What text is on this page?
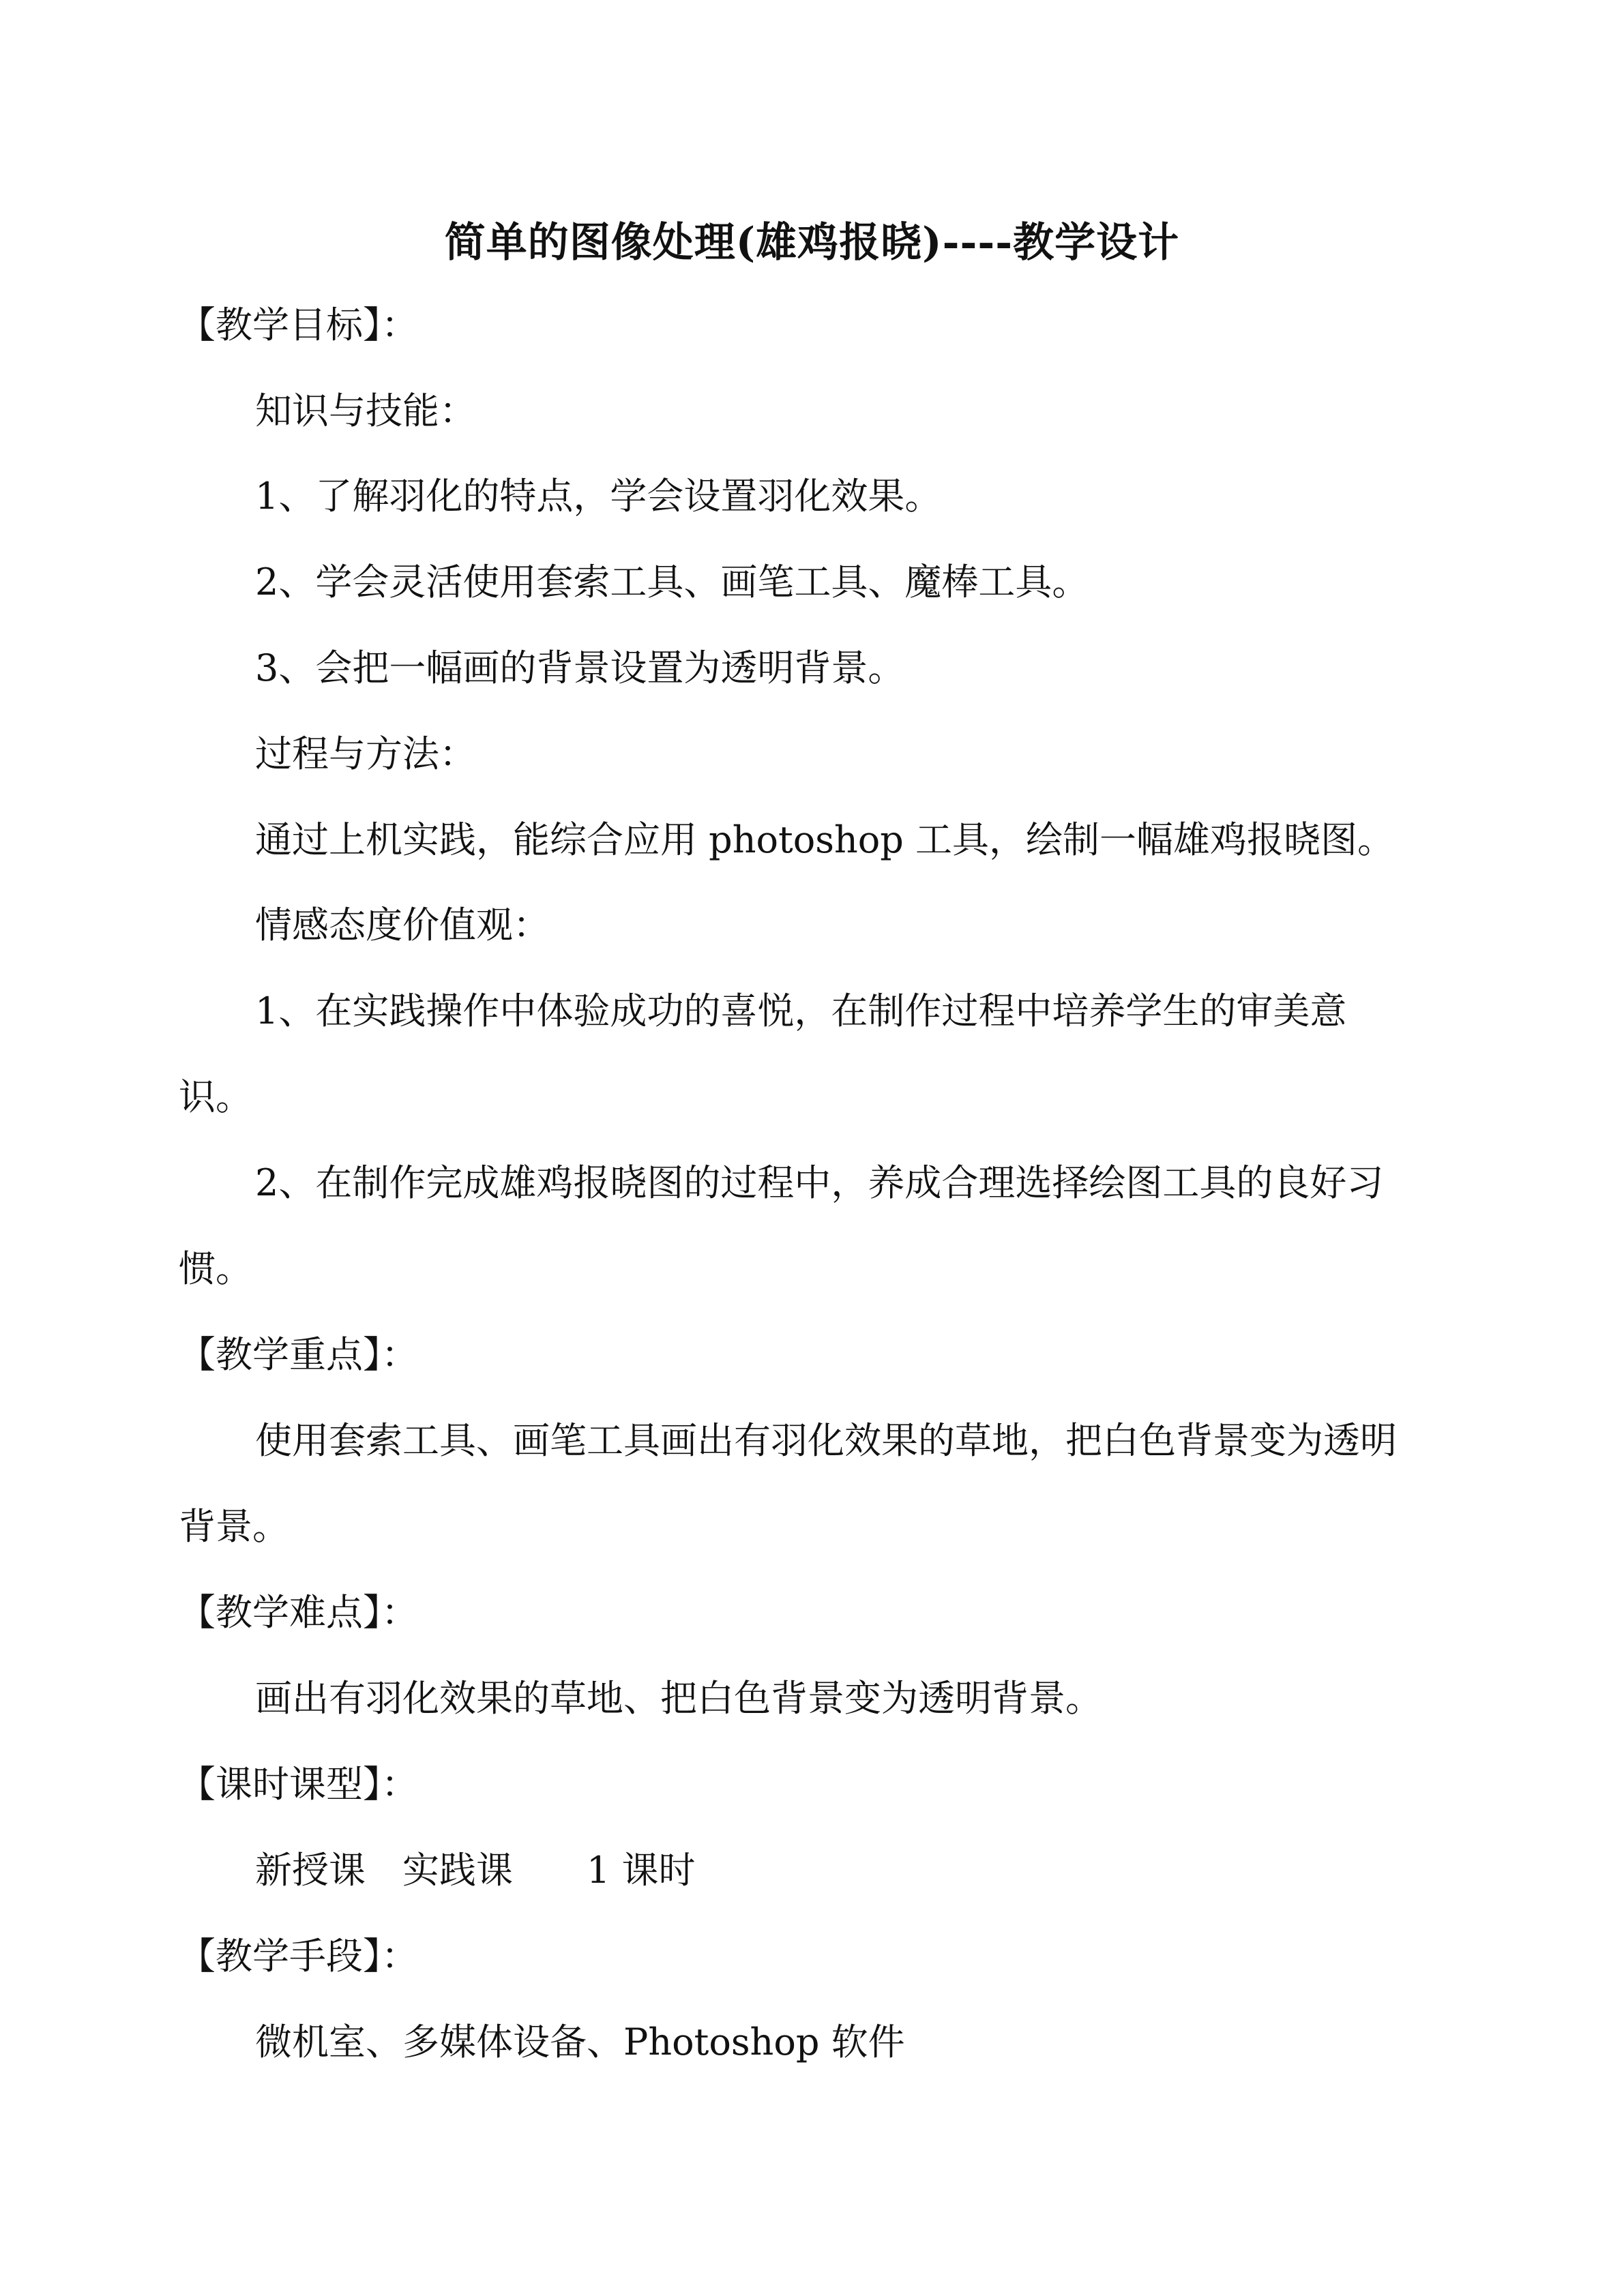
简单的图像处理(雄鸡报晓)----教学设计

【教学目标】：

知识与技能：

1、了解羽化的特点，学会设置羽化效果。

2、学会灵活使用套索工具、画笔工具、魔棒工具。

3、会把一幅画的背景设置为透明背景。

过程与方法：

通过上机实践，能综合应用 photoshop 工具，绘制一幅雄鸡报晓图。

情感态度价值观：

1、在实践操作中体验成功的喜悦，在制作过程中培养学生的审美意

识。

2、在制作完成雄鸡报晓图的过程中，养成合理选择绘图工具的良好习

惯。

【教学重点】：

使用套索工具、画笔工具画出有羽化效果的草地，把白色背景变为透明

背景。

【教学难点】：

画出有羽化效果的草地、把白色背景变为透明背景。

【课时课型】：

新授课　实践课　　1 课时

【教学手段】：

微机室、多媒体设备、Photoshop 软件
